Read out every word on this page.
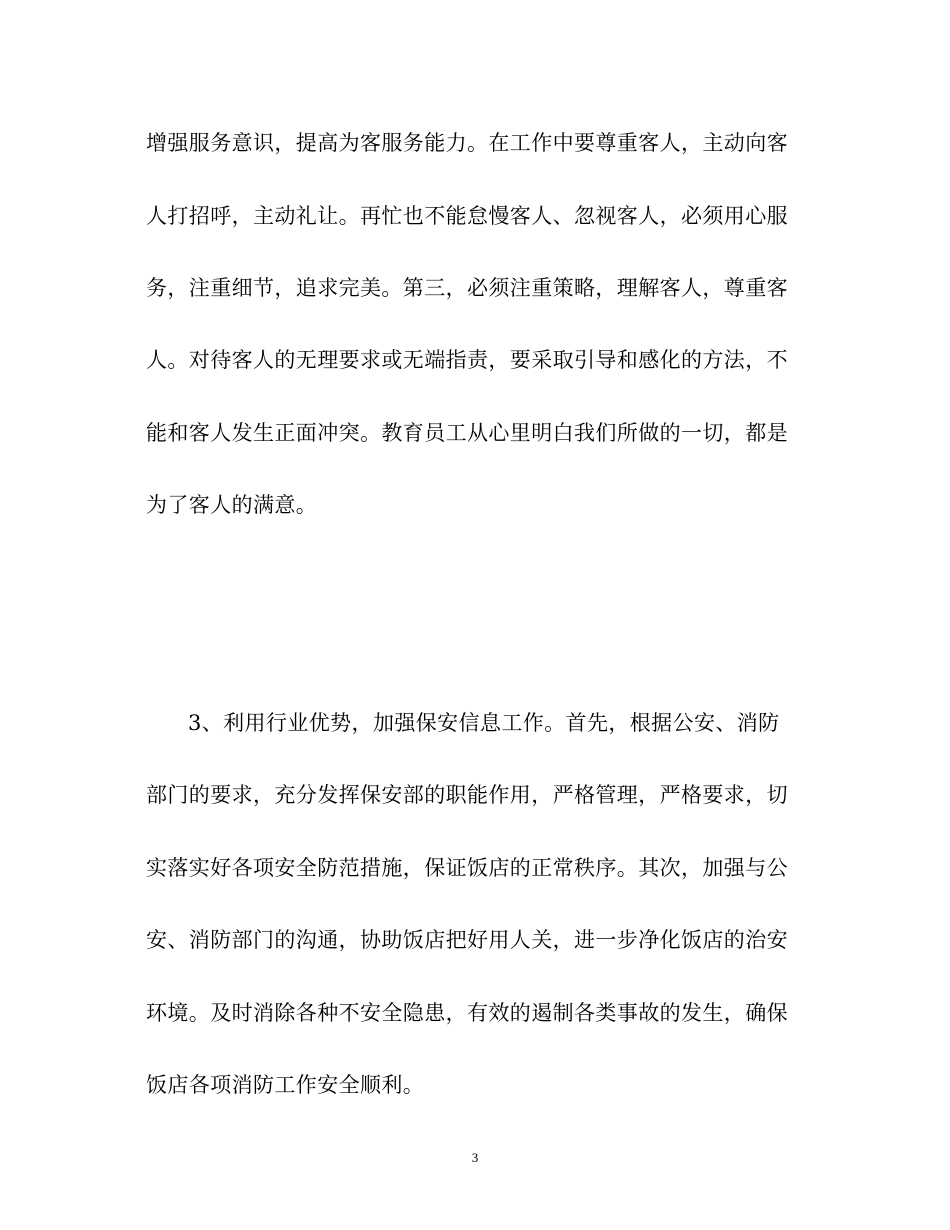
增强服务意识，提高为客服务能力。在工作中要尊重客人，主动向客
人打招呼，主动礼让。再忙也不能怠慢客人、忽视客人，必须用心服
务，注重细节，追求完美。第三，必须注重策略，理解客人，尊重客
人。对待客人的无理要求或无端指责，要采取引导和感化的方法，不
能和客人发生正面冲突。教育员工从心里明白我们所做的一切，都是
为了客人的满意。
3、利用行业优势，加强保安信息工作。首先，根据公安、消防
部门的要求，充分发挥保安部的职能作用，严格管理，严格要求，切
实落实好各项安全防范措施，保证饭店的正常秩序。其次，加强与公
安、消防部门的沟通，协助饭店把好用人关，进一步净化饭店的治安
环境。及时消除各种不安全隐患，有效的遏制各类事故的发生，确保
饭店各项消防工作安全顺利。
3
